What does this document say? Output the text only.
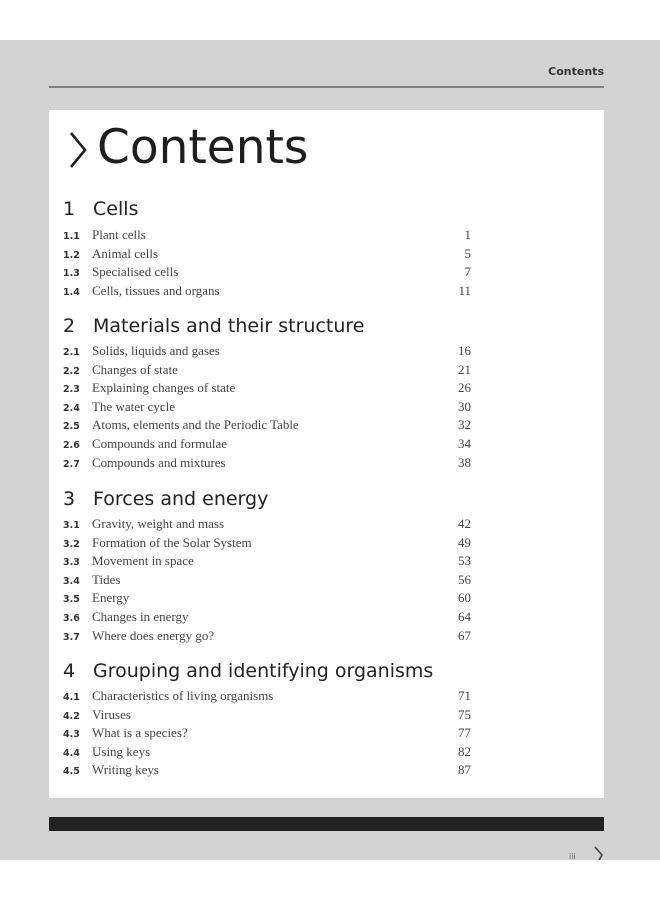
Contents
Contents
1 Cells
1.1 Plant cells	1
1.2 Animal cells	5
1.3 Specialised cells	7
1.4 Cells, tissues and organs	11
2 Materials and their structure
2.1 Solids, liquids and gases	16
2.2 Changes of state	21
2.3 Explaining changes of state	26
2.4 The water cycle	30
2.5 Atoms, elements and the Periodic Table	32
2.6 Compounds and formulae	34
2.7 Compounds and mixtures	38
3 Forces and energy
3.1 Gravity, weight and mass	42
3.2 Formation of the Solar System	49
3.3 Movement in space	53
3.4 Tides	56
3.5 Energy	60
3.6 Changes in energy	64
3.7 Where does energy go?	67
4 Grouping and identifying organisms
4.1 Characteristics of living organisms	71
4.2 Viruses	75
4.3 What is a species?	77
4.4 Using keys	82
4.5 Writing keys	87
iii
